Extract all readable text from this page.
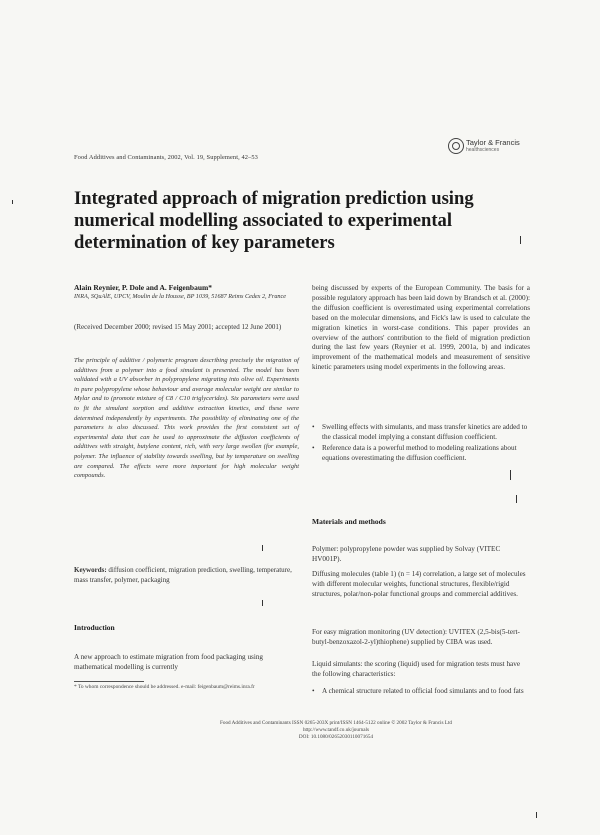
Food Additives and Contaminants, 2002, Vol. 19, Supplement, 42–53
Taylor & Francis
healthsciences
Integrated approach of migration prediction using numerical modelling associated to experimental determination of key parameters
Alain Reynier, P. Dole and A. Feigenbaum*
INRA, SQuAlE, UPCV, Moulin de la Housse, BP 1039, 51687 Reims Cedex 2, France
(Received December 2000; revised 15 May 2001; accepted 12 June 2001)
The principle of additive / polymeric program describing precisely the migration of additives from a polymer into a food simulant is presented. The model has been validated with a UV absorber in polypropylene migrating into olive oil. Experiments in pure polypropylene whose behaviour and average molecular weight are similar to Mylar and to (promote mixture of C8 / C10 triglycerides). Six parameters were used to fit the simulant sorption and additive extraction kinetics, and these were determined independently by experiments. The possibility of eliminating one of the parameters is also discussed. This work provides the first consistent set of experimental data that can be used to approximate the diffusion coefficients of additives with straight, butylene content, rich, with very large swollen (for example, polymer. The influence of stability towards swelling, but by temperature on swelling are compared. The effects were more important for high molecular weight compounds.
Keywords: diffusion coefficient, migration prediction, swelling, temperature, mass transfer, polymer, packaging
Introduction
A new approach to estimate migration from food packaging using mathematical modelling is currently
* To whom correspondence should be addressed. e-mail: feigenbaum@reims.inra.fr
being discussed by experts of the European Community. The basis for a possible regulatory approach has been laid down by Brandsch et al. (2000): the diffusion coefficient is overestimated using experimental correlations based on the molecular dimensions, and Fick's law is used to calculate the migration kinetics in worst-case conditions. This paper provides an overview of the authors' contribution to the field of migration prediction during the last few years (Reynier et al. 1999, 2001a, b) and indicates improvement of the mathematical models and measurement of sensitive kinetic parameters using model experiments in the following areas.
• Swelling effects with simulants, and mass transfer kinetics are added to the classical model implying a constant diffusion coefficient.
• Reference data is a powerful method to modeling realizations about equations overestimating the diffusion coefficient.
Materials and methods

Polymer: polypropylene powder was supplied by Solvay (VITEC HV001P).

Diffusing molecules (table 1) (n = 14) correlation, a large set of molecules with different molecular weights, functional structures, flexible/rigid structures, polar/non-polar functional groups and commercial additives.

For easy migration monitoring (UV detection): UVITEX (2,5-bis(5-tert-butyl-benzoxazol-2-yl)thiophene) supplied by CIBA was used.

Liquid simulants: the scoring (liquid) used for migration tests must have the following characteristics:

• A chemical structure related to official food simulants and to food fats
Food Additives and Contaminants ISSN 0265-203X print/ISSN 1464-5122 online © 2002 Taylor & Francis Ltd
http://www.tandf.co.uk/journals
DOI: 10.1080/02652030110071654
